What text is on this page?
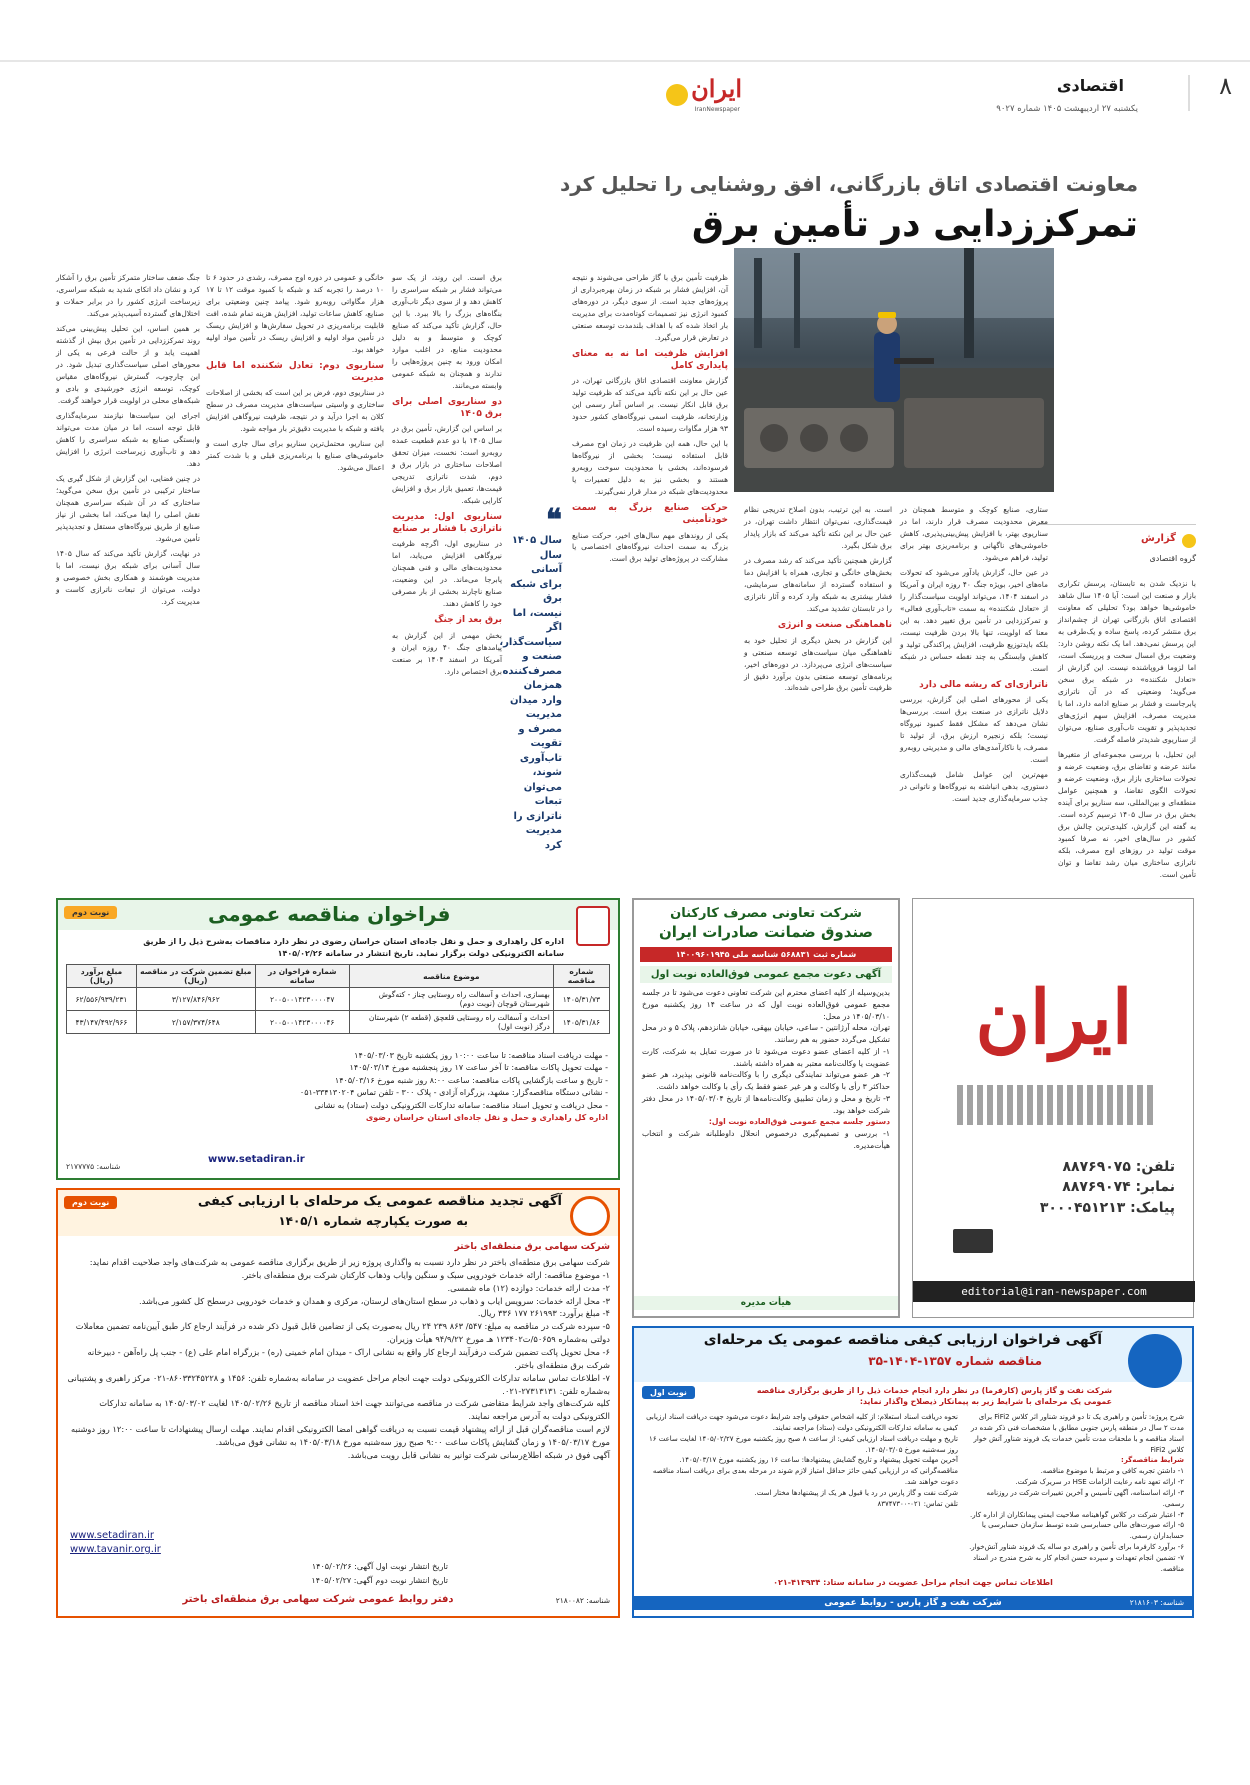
۸
اقتصادی
یکشنبه ۲۷ اردیبهشت ۱۴۰۵ شماره ۹۰۲۷
ایران
IranNewspaper
معاونت اقتصادی اتاق بازرگانی، افق روشنایی را تحلیل کرد
تمرکززدایی در تأمین برق
گزارش
گروه اقتصادی
❝
سال ۱۴۰۵ سال آسانی برای شبکه برق نیست، اما اگر سیاست‌گذار، صنعت و مصرف‌کننده همزمان وارد میدان مدیریت مصرف و تقویت تاب‌آوری شوند، می‌توان تبعات ناترازی را مدیریت کرد

با نزدیک شدن به تابستان، پرسش تکراری بازار و صنعت این است: آیا ۱۴۰۵ سال شاهد خاموشی‌ها خواهد بود؟ تحلیلی که معاونت اقتصادی اتاق بازرگانی تهران از چشم‌انداز برق منتشر کرده، پاسخ ساده و یک‌طرفی به این پرسش نمی‌دهد. اما یک نکته روشن دارد: وضعیت برق امسال سخت و پرریسک است، اما لزوما فروپاشنده نیست. این گزارش از «تعادل شکننده» در شبکه برق سخن می‌گوید؛ وضعیتی که در آن ناترازی پابرجاست و فشار بر صنایع ادامه دارد، اما با مدیریت مصرف، افزایش سهم انرژی‌های تجدیدپذیر و تقویت تاب‌آوری صنایع، می‌توان از سناریوی شدیدتر فاصله گرفت.

این تحلیل، با بررسی مجموعه‌ای از متغیرها مانند عرضه و تقاضای برق، وضعیت عرضه و تحولات ساختاری بازار برق، وضعیت عرضه و تحولات الگوی تقاضا، و همچنین عوامل منطقه‌ای و بین‌المللی، سه سناریو برای آینده بخش برق در سال ۱۴۰۵ ترسیم کرده است. به گفته این گزارش، کلیدی‌ترین چالش برق کشور در سال‌های اخیر، نه صرفا کمبود موقت تولید در روزهای اوج مصرف، بلکه ناترازی ساختاری میان رشد تقاضا و توان تأمین است.

ستاری، صنایع کوچک و متوسط همچنان در معرض محدودیت مصرف قرار دارند، اما در سناریوی بهتر، با افزایش پیش‌بینی‌پذیری، کاهش خاموشی‌های ناگهانی و برنامه‌ریزی بهتر برای تولید، فراهم می‌شود.

در عین حال، گزارش یادآور می‌شود که تحولات ماه‌های اخیر، بویژه جنگ ۴۰ روزه ایران و آمریکا در اسفند ۱۴۰۴، می‌تواند اولویت سیاست‌گذار را از «تعادل شکننده» به سمت «تاب‌آوری فعالی» و تمرکززدایی در تأمین برق تغییر دهد. به این معنا که اولویت، تنها بالا بردن ظرفیت نیست، بلکه بایدتوزیع ظرفیت، افزایش پراکندگی تولید و کاهش وابستگی به چند نقطه حساس در شبکه است.

ناترازی‌ای که ریشه مالی دارد

یکی از محورهای اصلی این گزارش، بررسی دلایل ناترازی در صنعت برق است. بررسی‌ها نشان می‌دهد که مشکل فقط کمبود نیروگاه نیست؛ بلکه زنجیره ارزش برق، از تولید تا مصرف، با ناکارآمدی‌های مالی و مدیریتی روبه‌رو است.

مهم‌ترین این عوامل شامل قیمت‌گذاری دستوری، بدهی انباشته به نیروگاه‌ها و ناتوانی در جذب سرمایه‌گذاری جدید است.

است. به این ترتیب، بدون اصلاح تدریجی نظام قیمت‌گذاری، نمی‌توان انتظار داشت تهران، در عین حال بر این نکته تأکید می‌کند که بازار پایدار برق شکل بگیرد.

گزارش همچنین تأکید می‌کند که رشد مصرف در بخش‌های خانگی و تجاری، همراه با افزایش دما و استفاده گسترده از سامانه‌های سرمایشی، فشار بیشتری به شبکه وارد کرده و آثار ناترازی را در تابستان تشدید می‌کند.

ناهماهنگی صنعت و انرژی

این گزارش در بخش دیگری از تحلیل خود به ناهماهنگی میان سیاست‌های توسعه صنعتی و سیاست‌های انرژی می‌پردازد. در دوره‌های اخیر، برنامه‌های توسعه صنعتی بدون برآورد دقیق از ظرفیت تأمین برق طراحی شده‌اند.

ظرفیت تأمین برق با گاز طراحی می‌شوند و نتیجه آن، افزایش فشار بر شبکه در زمان بهره‌برداری از پروژه‌های جدید است. از سوی دیگر، در دوره‌های کمبود انرژی نیز تصمیمات کوتاه‌مدت برای مدیریت بار اتخاذ شده که با اهداف بلندمدت توسعه صنعتی در تعارض قرار می‌گیرد.

افزایش ظرفیت اما نه به معنای پایداری کامل

گزارش معاونت اقتصادی اتاق بازرگانی تهران، در عین حال بر این نکته تأکید می‌کند که ظرفیت تولید برق قابل انکار نیست. بر اساس آمار رسمی این وزارتخانه، ظرفیت اسمی نیروگاه‌های کشور حدود ۹۳ هزار مگاوات رسیده است.

با این حال، همه این ظرفیت در زمان اوج مصرف قابل استفاده نیست؛ بخشی از نیروگاه‌ها فرسوده‌اند، بخشی با محدودیت سوخت روبه‌رو هستند و بخشی نیز به دلیل تعمیرات یا محدودیت‌های شبکه در مدار قرار نمی‌گیرند.

حرکت صنایع بزرگ به سمت خودتأمینی

یکی از روندهای مهم سال‌های اخیر، حرکت صنایع بزرگ به سمت احداث نیروگاه‌های اختصاصی یا مشارکت در پروژه‌های تولید برق است.

برق است. این روند، از یک سو می‌تواند فشار بر شبکه سراسری را کاهش دهد و از سوی دیگر تاب‌آوری بنگاه‌های بزرگ را بالا ببرد. با این حال، گزارش تأکید می‌کند که صنایع کوچک و متوسط و به دلیل محدودیت منابع، در اغلب موارد امکان ورود به چنین پروژه‌هایی را ندارند و همچنان به شبکه عمومی وابسته می‌مانند.

دو سناریوی اصلی برای برق ۱۴۰۵

بر اساس این گزارش، تأمین برق در سال ۱۴۰۵ با دو عدم قطعیت عمده روبه‌رو است: نخست، میزان تحقق اصلاحات ساختاری در بازار برق و دوم، شدت ناترازی تدریجی قیمت‌ها، تعمیق بازار برق و افزایش کارایی شبکه.

سناریوی اول: مدیریت ناترازی با فشار بر صنایع

در سناریوی اول، اگرچه ظرفیت نیروگاهی افزایش می‌یابد، اما محدودیت‌های مالی و فنی همچنان پابرجا می‌ماند. در این وضعیت، صنایع ناچارند بخشی از بار مصرفی خود را کاهش دهند.

برق بعد از جنگ

بخش مهمی از این گزارش به پیامدهای جنگ ۴۰ روزه ایران و آمریکا در اسفند ۱۴۰۴ بر صنعت برق اختصاص دارد.

خانگی و عمومی در دوره اوج مصرف، رشدی در حدود ۶ تا ۱۰ درصد را تجربه کند و شبکه با کمبود موقت ۱۲ تا ۱۷ هزار مگاواتی روبه‌رو شود. پیامد چنین وضعیتی برای صنایع، کاهش ساعات تولید، افزایش هزینه تمام شده، افت قابلیت برنامه‌ریزی در تحویل سفارش‌ها و افزایش ریسک در تأمین مواد اولیه و افزایش ریسک در تأمین مواد اولیه خواهد بود.

سناریوی دوم: تعادل شکننده اما قابل مدیریت

در سناریوی دوم، فرض بر این است که بخشی از اصلاحات ساختاری و واسیتی سیاست‌های مدیریت مصرف در سطح کلان به اجرا درآید و در نتیجه، ظرفیت نیروگاهی افزایش یافته و شبکه با مدیریت دقیق‌تر بار مواجه شود.

این سناریو، محتمل‌ترین سناریو برای سال جاری است و خاموشی‌های صنایع با برنامه‌ریزی قبلی و با شدت کمتر اعمال می‌شود.

جنگ ضعف ساختار متمرکز تأمین برق را آشکار کرد و نشان داد اتکای شدید به شبکه سراسری، زیرساخت انرژی کشور را در برابر حملات و اختلال‌های گسترده آسیب‌پذیر می‌کند.

بر همین اساس، این تحلیل پیش‌بینی می‌کند روند تمرکززدایی در تأمین برق بیش از گذشته اهمیت یابد و از حالت فرعی به یکی از محورهای اصلی سیاست‌گذاری تبدیل شود. در این چارچوب، گسترش نیروگاه‌های مقیاس کوچک، توسعه انرژی خورشیدی و بادی و شبکه‌های محلی در اولویت قرار خواهند گرفت.

اجرای این سیاست‌ها نیازمند سرمایه‌گذاری قابل توجه است، اما در میان مدت می‌تواند وابستگی صنایع به شبکه سراسری را کاهش دهد و تاب‌آوری زیرساخت انرژی را افزایش دهد.

در چنین فضایی، این گزارش از شکل گیری یک ساختار ترکیبی در تأمین برق سخن می‌گوید؛ ساختاری که در آن شبکه سراسری همچنان نقش اصلی را ایفا می‌کند، اما بخشی از نیاز صنایع از طریق نیروگاه‌های مستقل و تجدیدپذیر تأمین می‌شود.

در نهایت، گزارش تأکید می‌کند که سال ۱۴۰۵ سال آسانی برای شبکه برق نیست، اما با مدیریت هوشمند و همکاری بخش خصوصی و دولت، می‌توان از تبعات ناترازی کاست و مدیریت کرد.

نوبت دوم	فراخوان مناقصه عمومی
اداره کل راهداری و حمل و نقل جاده‌ای استان خراسان رضوی در نظر دارد مناقصات به‌شرح ذیل را از طریق سامانه الکترونیکی دولت برگزار نماید. تاریخ انتشار در سامانه ۱۴۰۵/۰۲/۲۶
شماره مناقصه	موضوع مناقصه	شماره فراخوان در سامانه	مبلغ تضمین شرکت در مناقصه (ریال)	مبلغ برآورد (ریال)
۱۴۰۵/۳۱/۷۳	بهسازی، احداث و آسفالت راه روستایی چناز - کته‌گوش شهرستان قوچان (نوبت دوم)	۲۰۰۵۰۰۱۴۲۳۰۰۰۰۴۷	۳/۱۲۷/۸۴۶/۹۶۲	۶۲/۵۵۶/۹۳۹/۲۳۱
۱۴۰۵/۳۱/۸۶	احداث و آسفالت راه روستایی قلعچق (قطعه ۲) شهرستان درگز (نوبت اول)	۲۰۰۵۰۰۱۴۲۳۰۰۰۰۴۶	۲/۱۵۷/۳۷۴/۶۴۸	۴۳/۱۴۷/۴۹۲/۹۶۶

- مهلت دریافت اسناد مناقصه: تا ساعت ۱۰:۰۰ روز یکشنبه تاریخ ۱۴۰۵/۰۳/۰۳

- مهلت تحویل پاکات مناقصه: تا آخر ساعت ۱۷ روز پنجشنبه مورخ ۱۴۰۵/۰۳/۱۴

- تاریخ و ساعت بازگشایی پاکات مناقصه: ساعت ۸:۰۰ روز شنبه مورخ ۱۴۰۵/۰۳/۱۶

- نشانی دستگاه مناقصه‌گزار: مشهد، بزرگراه آزادی - پلاک ۳۰۰ - تلفن تماس ۳۳۴۱۳۰۲۰۴-۰۵۱

- محل دریافت و تحویل اسناد مناقصه: سامانه تدارکات الکترونیکی دولت (ستاد) به نشانی

اداره کل راهداری و حمل و نقل جاده‌ای استان خراسان رضوی

www.setadiran.ir
شناسه: ۲۱۷۷۷۷۵
شرکت تعاونی مصرف کارکنان
صندوق ضمانت صادرات ایران
شماره ثبت ۵۶۸۸۳۱ شناسه ملی ۱۴۰۰۹۶۰۱۹۴۵
آگهی دعوت مجمع عمومی فوق‌العاده نوبت اول

بدین‌وسیله از کلیه اعضای محترم این شرکت تعاونی دعوت می‌شود تا در جلسه مجمع عمومی فوق‌العاده نوبت اول که در ساعت ۱۴ روز یکشنبه مورخ ۱۴۰۵/۰۳/۱۰ در محل:

تهران، محله آرژانتین - ساعی، خیابان بیهقی، خیابان شانزدهم، پلاک ۵ و در محل تشکیل می‌گردد حضور به هم رسانند.

۱- از کلیه اعضای عضو دعوت می‌شود تا در صورت تمایل به شرکت، کارت عضویت یا وکالت‌نامه معتبر به همراه داشته باشند.

۲- هر عضو می‌تواند نمایندگی دیگری را با وکالت‌نامه قانونی بپذیرد، هر عضو حداکثر ۳ رأی با وکالت و هر غیر عضو فقط یک رأی با وکالت خواهد داشت.

۳- تاریخ و محل و زمان تطبیق وکالت‌نامه‌ها از تاریخ ۱۴۰۵/۰۳/۰۴ در محل دفتر شرکت خواهد بود.

دستور جلسه مجمع عمومی فوق‌العاده نوبت اول:

۱- بررسی و تصمیم‌گیری درخصوص انحلال داوطلبانه شرکت و انتخاب هیأت‌مدیره.

هیأت مدیره
ایران
تلفن: ۸۸۷۶۹۰۷۵
نمابر: ۸۸۷۶۹۰۷۴
پیامک: ۳۰۰۰۴۵۱۲۱۳
editorial@iran-newspaper.com
نوبت دوم	آگهی تجدید مناقصه عمومی یک مرحله‌ای با ارزیابی کیفی
به صورت یکپارچه شماره ۱۴۰۵/۱
شرکت سهامی برق منطقه‌ای باختر

شرکت سهامی برق منطقه‌ای باختر در نظر دارد نسبت به واگذاری پروژه زیر از طریق برگزاری مناقصه عمومی به شرکت‌های واجد صلاحیت اقدام نماید:

۱- موضوع مناقصه: ارائه خدمات خودرویی سبک و سنگین وایاب وذهاب کارکنان شرکت برق منطقه‌ای باختر.

۲- مدت ارائه خدمات: دوازده (۱۲) ماه شمسی.

۳- محل ارائه خدمات: سرویس ایاب و ذهاب در سطح استان‌های لرستان، مرکزی و همدان و خدمات خودرویی درسطح کل کشور می‌باشد.

۴- مبلغ برآورد: ۲۶۱۹۹۳ ۱۷۷ ۳۳۶ ریال.

۵- سپرده شرکت در مناقصه به مبلغ: ۵۴۷/ ۸۶۳ ۲۳۹ ۲۴ ریال به‌صورت یکی از تضامین قابل قبول ذکر شده در فرآیند ارجاع کار طبق آیین‌نامه تضمین معاملات دولتی به‌شماره ۵۰۶۵۹/ت۱۲۳۴۰۲ ‌هـ مورخ ۹۴/۹/۲۲ هیأت وزیران.

۶- محل تحویل پاکت تضمین شرکت درفرآیند ارجاع کار واقع به نشانی اراک - میدان امام خمینی (ره) - بزرگراه امام علی (ع) - جنب پل راه‌آهن - دبیرخانه شرکت برق منطقه‌ای باختر.

۷- اطلاعات تماس سامانه تدارکات الکترونیکی دولت جهت انجام مراحل عضویت در سامانه به‌شماره تلفن: ۱۴۵۶ و ۸۶۰۳۳۲۴۵۲۲۸-۰۲۱ مرکز راهبری و پشتیبانی به‌شماره تلفن: ۲۷۳۱۳۱۳۱-۰۲۱.

کلیه شرکت‌های واجد شرایط متقاضی شرکت در مناقصه می‌توانند جهت اخذ اسناد مناقصه از تاریخ ۱۴۰۵/۰۲/۲۶ لغایت ۱۴۰۵/۰۳/۰۲ به سامانه تدارکات الکترونیکی دولت به آدرس مراجعه نمایند.

لازم است مناقصه‌گران قبل از ارائه پیشنهاد قیمت نسبت به دریافت گواهی امضا الکترونیکی اقدام نمایند. مهلت ارسال پیشنهادات تا ساعت ۱۲:۰۰ روز دوشنبه مورخ ۱۴۰۵/۰۳/۱۷ و زمان گشایش پاکات ساعت ۹:۰۰ صبح روز سه‌شنبه مورخ ۱۴۰۵/۰۳/۱۸ به نشانی فوق می‌باشد.

آگهی فوق در شبکه اطلاع‌رسانی شرکت توانیر به نشانی قابل رویت می‌باشد.

www.setadiran.ir
www.tavanir.org.ir
تاریخ انتشار نوبت اول آگهی: ۱۴۰۵/۰۲/۲۶
تاریخ انتشار نوبت دوم آگهی: ۱۴۰۵/۰۲/۲۷
دفتر روابط عمومی شرکت سهامی برق منطقه‌ای باختر	شناسه: ۲۱۸۰۰۸۲
آگهی فراخوان ارزیابی کیفی مناقصه عمومی یک مرحله‌ای
مناقصه شماره ۱۳۵۷-۱۴۰۴-۳۵
نوبت اول	شرکت نفت و گاز پارس (کارفرما) در نظر دارد انجام خدمات ذیل را از طریق برگزاری مناقصه عمومی یک مرحله‌ای با شرایط زیر به پیمانکار ذیصلاح واگذار نماید:

شرح پروژه: تأمین و راهبری یک تا دو فروند شناور اثر کلاس FiFi2 برای مدت ۲ سال در منطقه پارس جنوبی مطابق با مشخصات فنی ذکر شده در اسناد مناقصه و با ملحقات مدت تأمین خدمات یک فروند شناور آتش خوار کلاس FiFi2

شرایط مناقصه‌گر:

۱- داشتن تجربه کافی و مرتبط با موضوع مناقصه.

۲- ارائه تعهد نامه رعایت الزامات HSE در سریرک شرکت.

۳- ارائه اساسنامه، آگهی تأسیس و آخرین تغییرات شرکت در روزنامه رسمی.

۴- اعتبار شرکت در کلاس گواهینامه صلاحیت ایمنی پیمانکاران از اداره کار.

۵- ارائه صورت‌های مالی حسابرسی شده توسط سازمان حسابرسی یا حسابداران رسمی.

۶- برآورد کارفرما برای تأمین و راهبری دو ساله یک فروند شناور آتش‌خوار.

۷- تضمین انجام تعهدات و سپرده حسن انجام کار به شرح مندرج در اسناد مناقصه.

نحوه دریافت اسناد استعلام: از کلیه اشخاص حقوقی واجد شرایط دعوت می‌شود جهت دریافت اسناد ارزیابی کیفی به سامانه تدارکات الکترونیکی دولت (ستاد) مراجعه نمایند.

تاریخ و مهلت دریافت اسناد ارزیابی کیفی: از ساعت ۸ صبح روز یکشنبه مورخ ۱۴۰۵/۰۲/۲۷ لغایت ساعت ۱۶ روز سه‌شنبه مورخ ۱۴۰۵/۰۳/۰۵.

آخرین مهلت تحویل پیشنهاد و تاریخ گشایش پیشنهادها: ساعت ۱۶ روز یکشنبه مورخ ۱۴۰۵/۰۳/۱۷.

مناقصه‌گرانی که در ارزیابی کیفی حائز حداقل امتیاز لازم شوند در مرحله بعدی برای دریافت اسناد مناقصه دعوت خواهند شد.

شرکت نفت و گاز پارس در رد یا قبول هر یک از پیشنهادها مختار است.

تلفن تماس: ۰۲۱-۸۳۷۴۷۳۰۰

اطلاعات تماس جهت انجام مراحل عضویت در سامانه ستاد: ۴۱۳۹۳۴-۰۲۱
شرکت نفت و گاز پارس - روابط عمومی	شناسه: ۲۱۸۱۶۰۳
